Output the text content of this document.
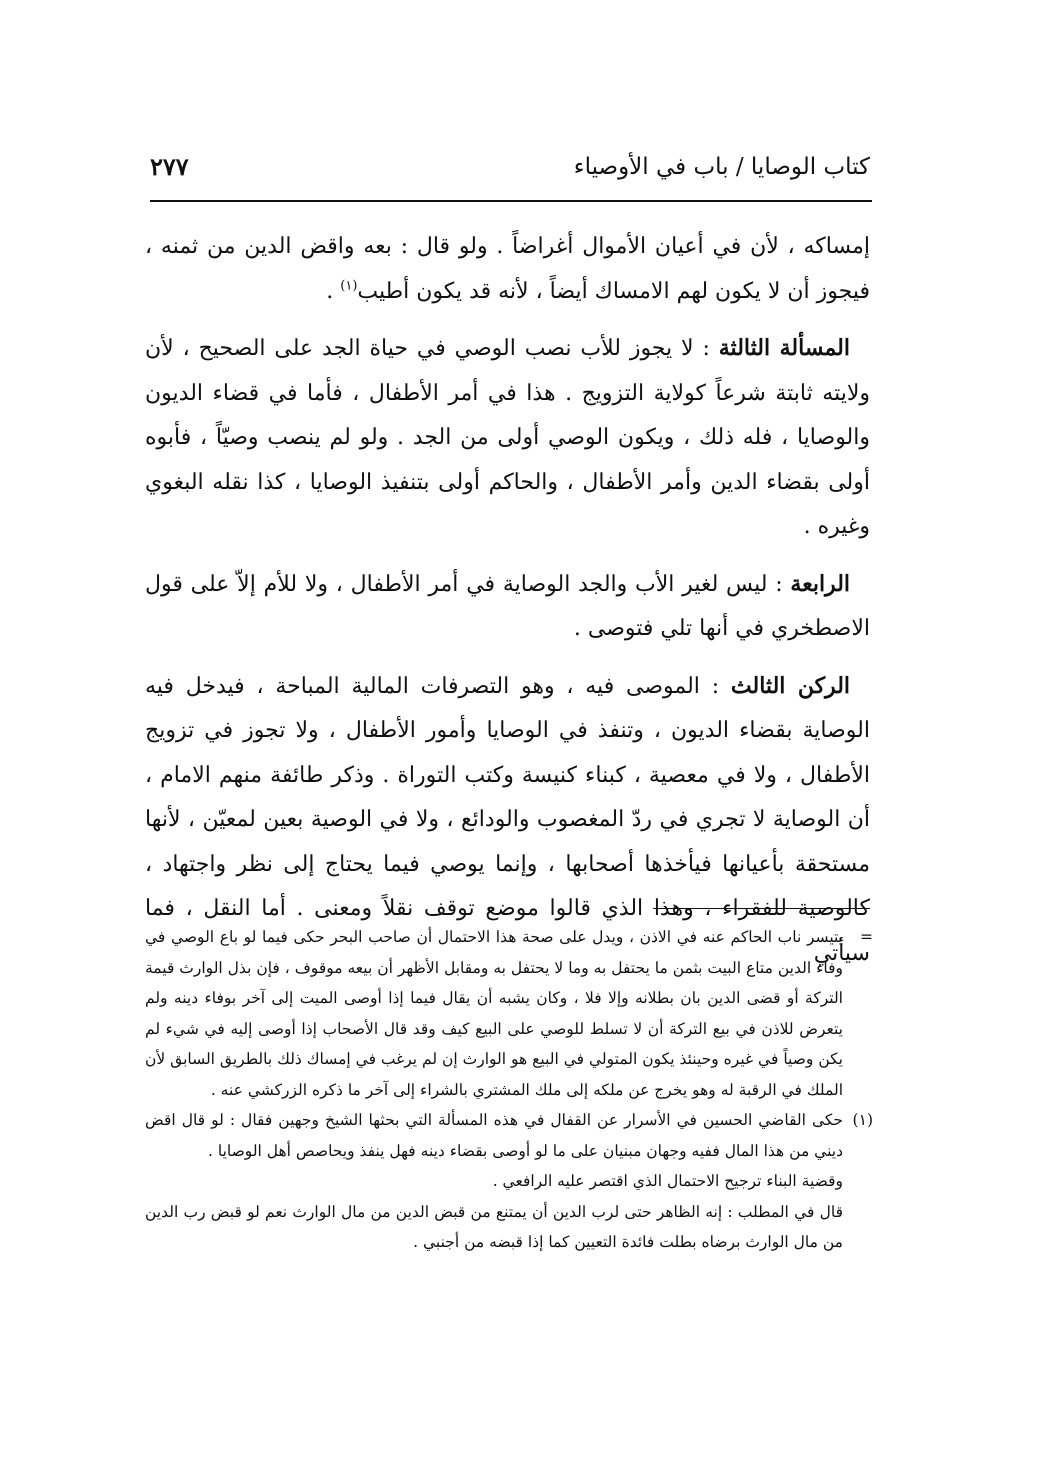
كتاب الوصايا / باب في الأوصياء
٢٧٧

إمساكه ، لأن في أعيان الأموال أغراضاً . ولو قال : بعه واقض الدين من ثمنه ، فيجوز أن لا يكون لهم الامساك أيضاً ، لأنه قد يكون أطيب$^{(١)}$ .

المسألة الثالثة : لا يجوز للأب نصب الوصي في حياة الجد على الصحيح ، لأن ولايته ثابتة شرعاً كولاية التزويج . هذا في أمر الأطفال ، فأما في قضاء الديون والوصايا ، فله ذلك ، ويكون الوصي أولى من الجد . ولو لم ينصب وصيّاً ، فأبوه أولى بقضاء الدين وأمر الأطفال ، والحاكم أولى بتنفيذ الوصايا ، كذا نقله البغوي وغيره .

الرابعة : ليس لغير الأب والجد الوصاية في أمر الأطفال ، ولا للأم إلاّ على قول الاصطخري في أنها تلي فتوصى .

الركن الثالث : الموصى فيه ، وهو التصرفات المالية المباحة ، فيدخل فيه الوصاية بقضاء الديون ، وتنفذ في الوصايا وأمور الأطفال ، ولا تجوز في تزويج الأطفال ، ولا في معصية ، كبناء كنيسة وكتب التوراة . وذكر طائفة منهم الامام ، أن الوصاية لا تجري في ردّ المغصوب والودائع ، ولا في الوصية بعين لمعيّن ، لأنها مستحقة بأعيانها فيأخذها أصحابها ، وإنما يوصي فيما يحتاج إلى نظر واجتهاد ، كالوصية للفقراء ، وهذا الذي قالوا موضع توقف نقلاً ومعنى . أما النقل ، فما سيأتي

=

يتيسر ناب الحاكم عنه في الاذن ، ويدل على صحة هذا الاحتمال أن صاحب البحر حكى فيما لو باع الوصي في وفاء الدين متاع البيت بثمن ما يحتفل به وما لا يحتفل به ومقابل الأظهر أن بيعه موقوف ، فإن بذل الوارث قيمة التركة أو قضى الدين بان بطلانه وإلا فلا ، وكان يشبه أن يقال فيما إذا أوصى الميت إلى آخر بوفاء دينه ولم يتعرض للاذن في بيع التركة أن لا تسلط للوصي على البيع كيف وقد قال الأصحاب إذا أوصى إليه في شيء لم يكن وصياً في غيره وحينئذ يكون المتولي في البيع هو الوارث إن لم يرغب في إمساك ذلك بالطريق السابق لأن الملك في الرقبة له وهو يخرج عن ملكه إلى ملك المشتري بالشراء إلى آخر ما ذكره الزركشي عنه .

(١)

حكى القاضي الحسين في الأسرار عن القفال في هذه المسألة التي بحثها الشيخ وجهين فقال : لو قال اقض ديني من هذا المال ففيه وجهان مبنيان على ما لو أوصى بقضاء دينه فهل ينفذ ويحاصص أهل الوصايا .

وقضية البناء ترجيح الاحتمال الذي اقتصر عليه الرافعي .

قال في المطلب : إنه الظاهر حتى لرب الدين أن يمتنع من قبض الدين من مال الوارث نعم لو قبض رب الدين من مال الوارث برضاه بطلت فائدة التعيين كما إذا قبضه من أجنبي .
